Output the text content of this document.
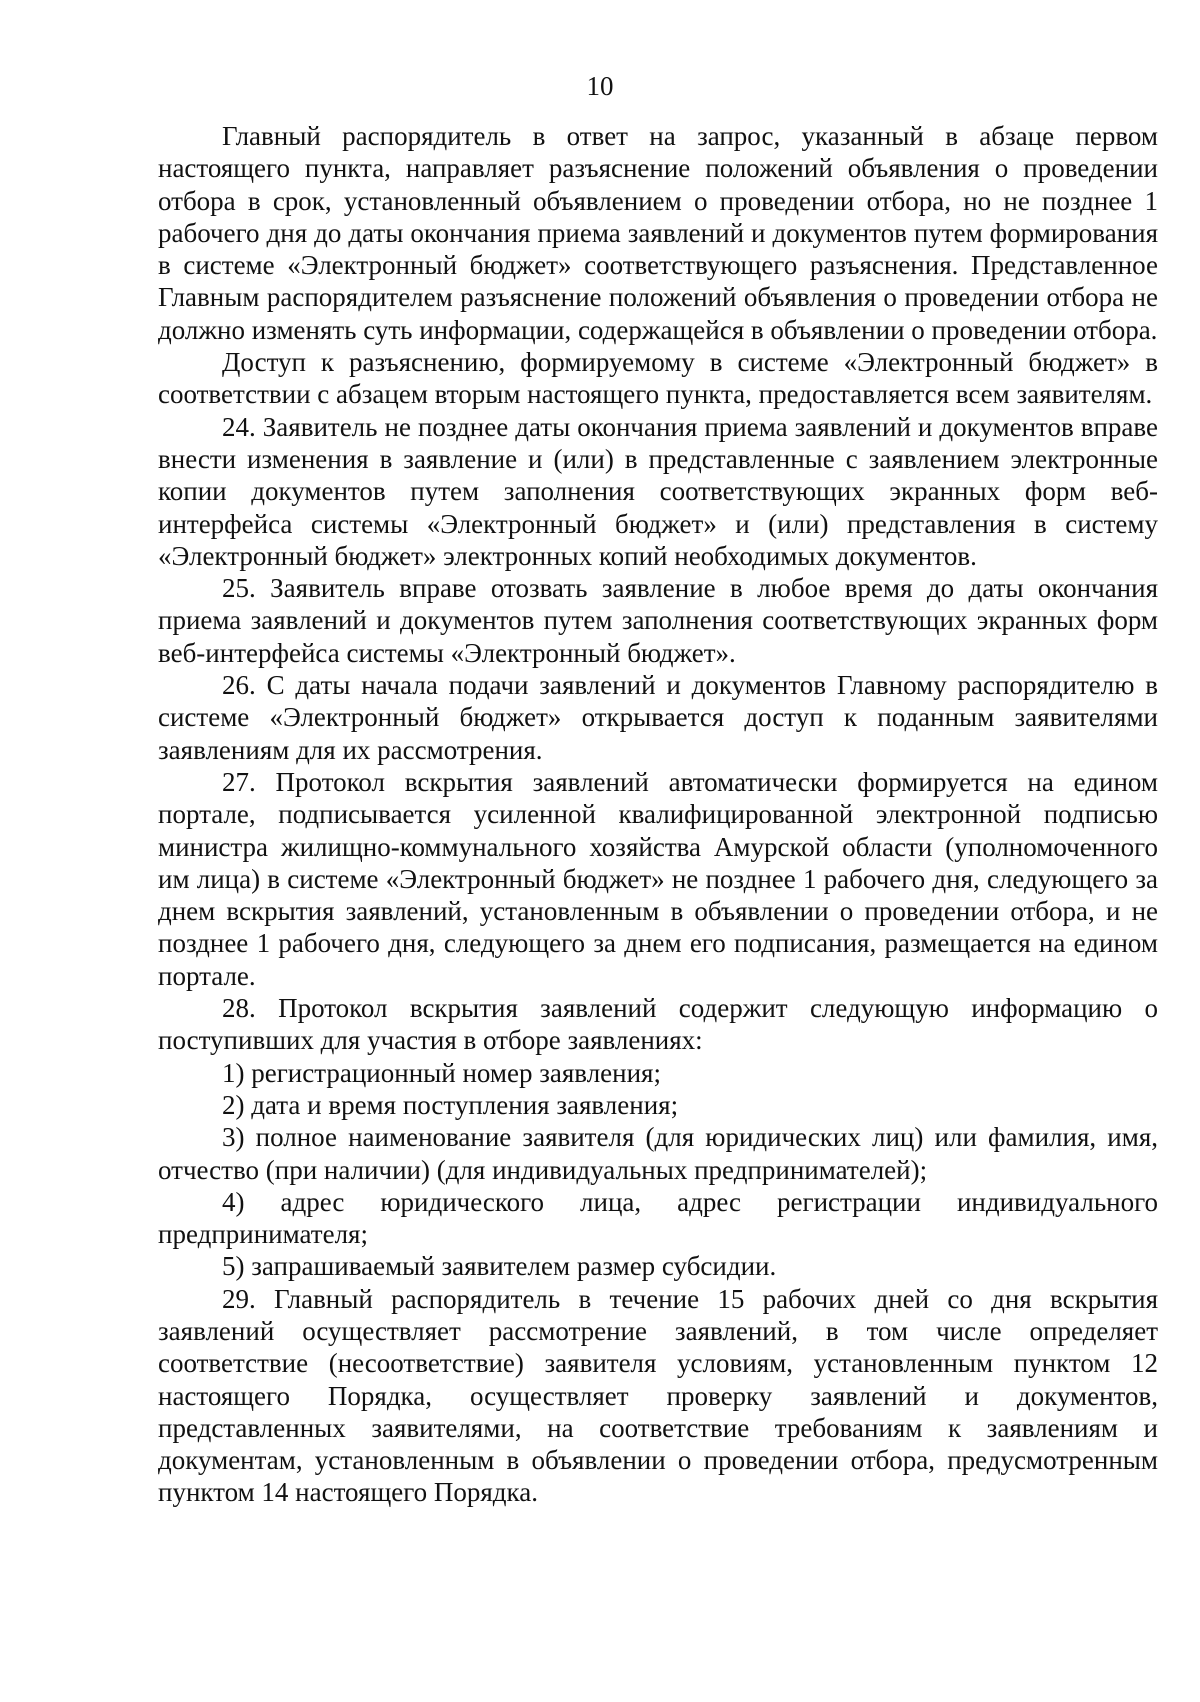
10

Главный распорядитель в ответ на запрос, указанный в абзаце первом настоящего пункта, направляет разъяснение положений объявления о проведении отбора в срок, установленный объявлением о проведении отбора, но не позднее 1 рабочего дня до даты окончания приема заявлений и документов путем формирования в системе «Электронный бюджет» соответствующего разъяснения. Представленное Главным распорядителем разъяснение положений объявления о проведении отбора не должно изменять суть информации, содержащейся в объявлении о проведении отбора.

Доступ к разъяснению, формируемому в системе «Электронный бюджет» в соответствии с абзацем вторым настоящего пункта, предоставляется всем заявителям.

24. Заявитель не позднее даты окончания приема заявлений и документов вправе внести изменения в заявление и (или) в представленные с заявлением электронные копии документов путем заполнения соответствующих экранных форм веб-интерфейса системы «Электронный бюджет» и (или) представления в систему «Электронный бюджет» электронных копий необходимых документов.

25. Заявитель вправе отозвать заявление в любое время до даты окончания приема заявлений и документов путем заполнения соответствующих экранных форм веб-интерфейса системы «Электронный бюджет».

26. С даты начала подачи заявлений и документов Главному распорядителю в системе «Электронный бюджет» открывается доступ к поданным заявителями заявлениям для их рассмотрения.

27. Протокол вскрытия заявлений автоматически формируется на едином портале, подписывается усиленной квалифицированной электронной подписью министра жилищно-коммунального хозяйства Амурской области (уполномоченного им лица) в системе «Электронный бюджет» не позднее 1 рабочего дня, следующего за днем вскрытия заявлений, установленным в объявлении о проведении отбора, и не позднее 1 рабочего дня, следующего за днем его подписания, размещается на едином портале.

28. Протокол вскрытия заявлений содержит следующую информацию о поступивших для участия в отборе заявлениях:

1) регистрационный номер заявления;

2) дата и время поступления заявления;

3) полное наименование заявителя (для юридических лиц) или фамилия, имя, отчество (при наличии) (для индивидуальных предпринимателей);

4) адрес юридического лица, адрес регистрации индивидуального предпринимателя;

5) запрашиваемый заявителем размер субсидии.

29. Главный распорядитель в течение 15 рабочих дней со дня вскрытия заявлений осуществляет рассмотрение заявлений, в том числе определяет соответствие (несоответствие) заявителя условиям, установленным пунктом 12 настоящего Порядка, осуществляет проверку заявлений и документов, представленных заявителями, на соответствие требованиям к заявлениям и документам, установленным в объявлении о проведении отбора, предусмотренным пунктом 14 настоящего Порядка.
